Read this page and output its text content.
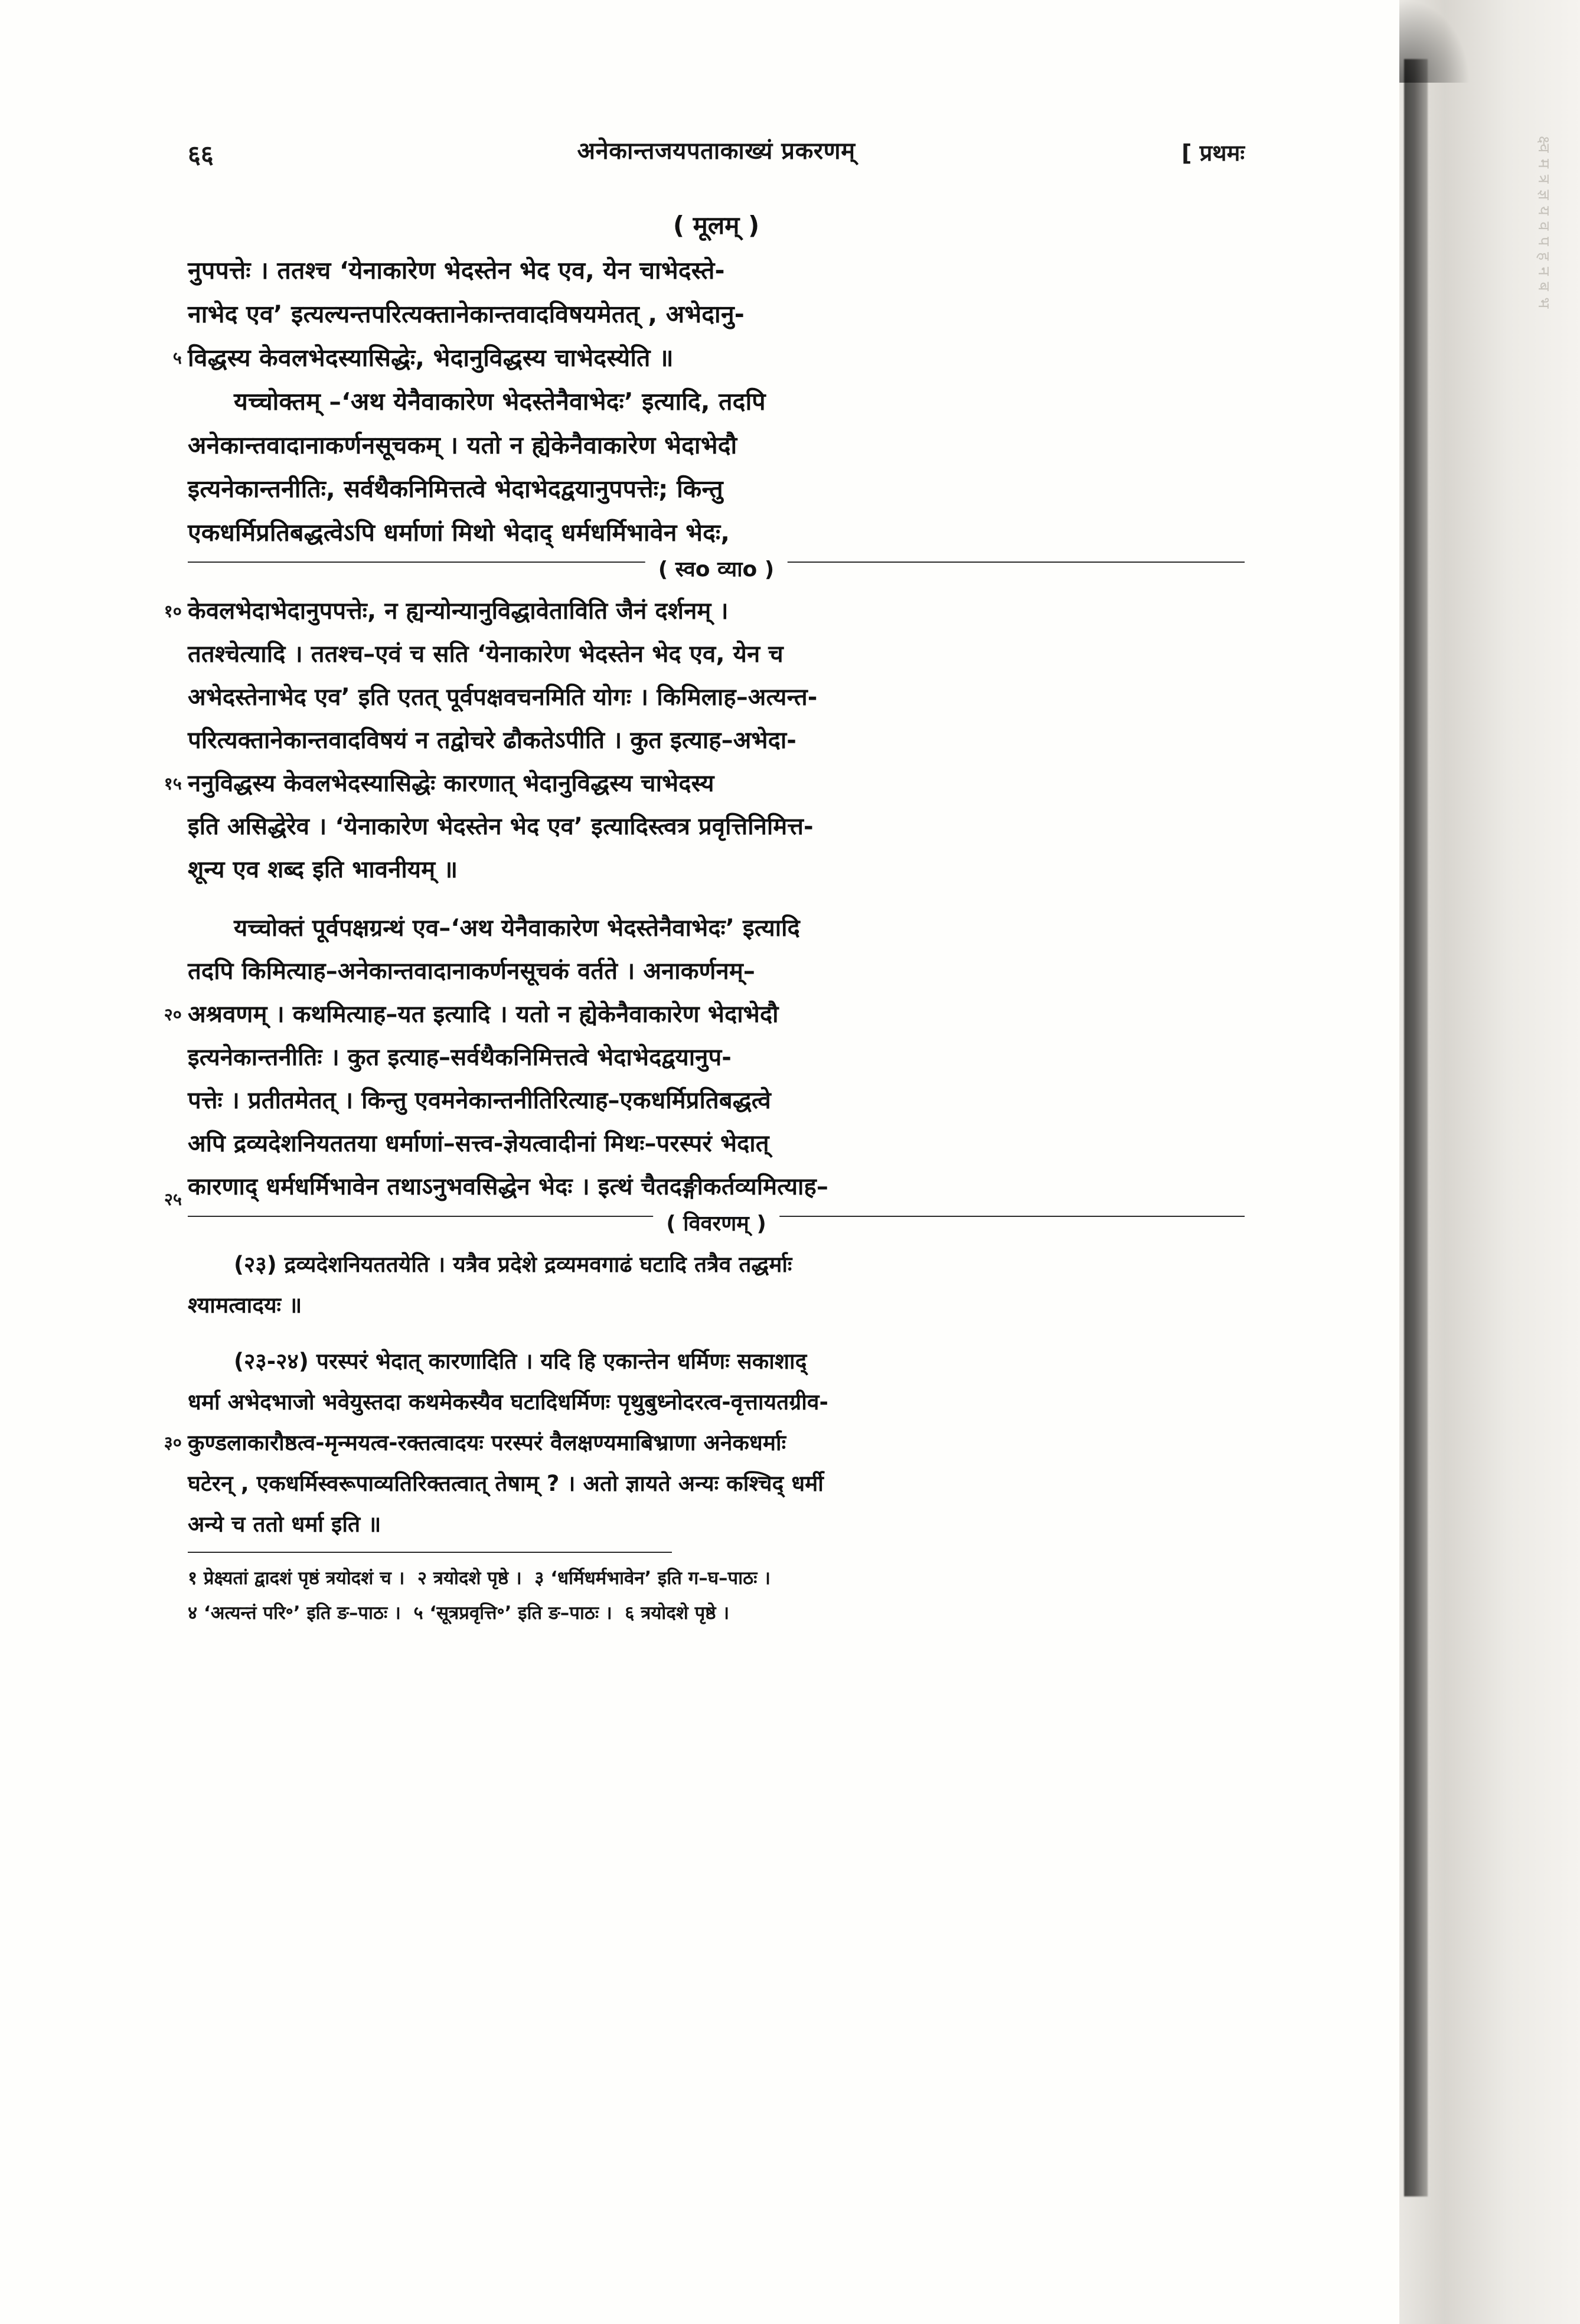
क्ष्व म त्र ज्ञ य व प ह न ब भ
६६	अनेकान्तजयपताकाख्यं प्रकरणम्	[ प्रथमः
( मूलम् )

नुपपत्तेः । ततश्च ‘येनाकारेण भेदस्तेन भेद एव, येन चाभेदस्ते-

नाभेद एव’ इत्यल्यन्तपरित्यक्तानेकान्तवादविषयमेतत् , अभेदानु-

५ विद्धस्य केवलभेदस्यासिद्धेः, भेदानुविद्धस्य चाभेदस्येति ॥

यच्चोक्तम् –‘अथ येनैवाकारेण भेदस्तेनैवाभेदः’ इत्यादि, तदपि

अनेकान्तवादानाकर्णनसूचकम् । यतो न ह्येकेनैवाकारेण भेदाभेदौ

इत्यनेकान्तनीतिः, सर्वथैकनिमित्तत्वे भेदाभेदद्वयानुपपत्तेः; किन्तु

एकधर्मिप्रतिबद्धत्वेऽपि धर्माणां मिथो भेदाद् धर्मधर्मिभावेन भेदः,

( स्वo व्याo )

१० केवलभेदाभेदानुपपत्तेः, न ह्यन्योन्यानुविद्धावेताविति जैनं दर्शनम् ।

ततश्चेत्यादि । ततश्च–एवं च सति ‘येनाकारेण भेदस्तेन भेद एव, येन च

अभेदस्तेनाभेद एव’ इति एतत् पूर्वपक्षवचनमिति योगः । किमिलाह–अत्यन्त-

परित्यक्तानेकान्तवादविषयं न तद्वोचरे ढौकतेऽपीति । कुत इत्याह–अभेदा-

१५ ननुविद्धस्य केवलभेदस्यासिद्धेः कारणात् भेदानुविद्धस्य चाभेदस्य

इति असिद्धेरेव । ‘येनाकारेण भेदस्तेन भेद एव’ इत्यादिस्त्वत्र प्रवृत्तिनिमित्त-

शून्य एव शब्द इति भावनीयम् ॥

यच्चोक्तं पूर्वपक्षग्रन्थं एव–‘अथ येनैवाकारेण भेदस्तेनैवाभेदः’ इत्यादि

तदपि किमित्याह–अनेकान्तवादानाकर्णनसूचकं वर्तते । अनाकर्णनम्–

२० अश्रवणम् । कथमित्याह–यत इत्यादि । यतो न ह्येकेनैवाकारेण भेदाभेदौ

इत्यनेकान्तनीतिः । कुत इत्याह–सर्वथैकनिमित्तत्वे भेदाभेदद्वयानुप-

पत्तेः । प्रतीतमेतत् । किन्तु एवमनेकान्तनीतिरित्याह–एकधर्मिप्रतिबद्धत्वे

अपि द्रव्यदेशनियततया धर्माणां–सत्त्व-ज्ञेयत्वादीनां मिथः–परस्परं भेदात्

कारणाद् धर्मधर्मिभावेन तथाऽनुभवसिद्धेन भेदः । इत्थं चैतदङ्गीकर्तव्यमित्याह–

२५
( विवरणम् )

(२३) द्रव्यदेशनियततयेति । यत्रैव प्रदेशे द्रव्यमवगाढं घटादि तत्रैव तद्धर्माः

श्यामत्वादयः ॥

(२३-२४) परस्परं भेदात् कारणादिति । यदि हि एकान्तेन धर्मिणः सकाशाद्

धर्मा अभेदभाजो भवेयुस्तदा कथमेकस्यैव घटादिधर्मिणः पृथुबुध्नोदरत्व-वृत्तायतग्रीव-

३० कुण्डलाकारौष्ठत्व-मृन्मयत्व-रक्तत्वादयः परस्परं वैलक्षण्यमाबिभ्राणा अनेकधर्माः

घटेरन् , एकधर्मिस्वरूपाव्यतिरिक्तत्वात् तेषाम् ? । अतो ज्ञायते अन्यः कश्चिद् धर्मी

अन्ये च ततो धर्मा इति ॥

१ प्रेक्ष्यतां द्वादशं पृष्ठं त्रयोदशं च ।  २ त्रयोदशे पृष्ठे ।  ३ ‘धर्मिधर्मभावेन’ इति ग–घ–पाठः ।

४ ‘अत्यन्तं परि॰’ इति ङ–पाठः ।  ५ ‘सूत्रप्रवृत्ति॰’ इति ङ–पाठः ।  ६ त्रयोदशे पृष्ठे ।
